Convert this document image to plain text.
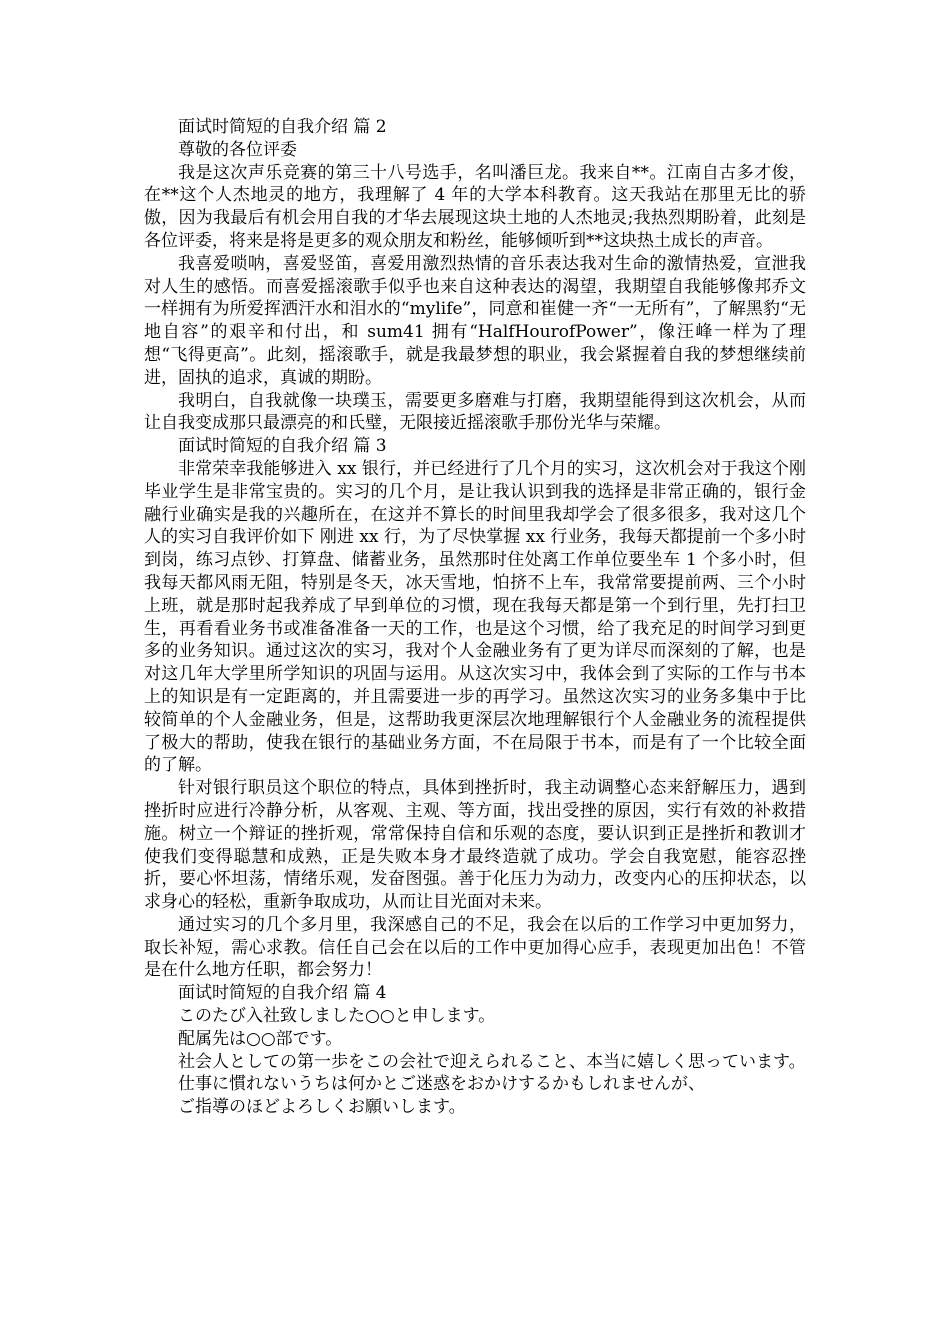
面试时简短的自我介绍 篇 2

尊敬的各位评委

我是这次声乐竞赛的第三十八号选手，名叫潘巨龙。我来自**。江南自古多才俊，在**这个人杰地灵的地方，我理解了 4 年的大学本科教育。这天我站在那里无比的骄傲，因为我最后有机会用自我的才华去展现这块土地的人杰地灵;我热烈期盼着，此刻是各位评委，将来是将是更多的观众朋友和粉丝，能够倾听到**这块热土成长的声音。

我喜爱唢呐，喜爱竖笛，喜爱用激烈热情的音乐表达我对生命的激情热爱，宣泄我对人生的感悟。而喜爱摇滚歌手似乎也来自这种表达的渴望，我期望自我能够像邦乔文一样拥有为所爱挥洒汗水和泪水的“mylife”，同意和崔健一齐“一无所有”，了解黑豹“无地自容”的艰辛和付出，和 sum41 拥有“HalfHourofPower”，像汪峰一样为了理想“飞得更高”。此刻，摇滚歌手，就是我最梦想的职业，我会紧握着自我的梦想继续前进，固执的追求，真诚的期盼。

我明白，自我就像一块璞玉，需要更多磨难与打磨，我期望能得到这次机会，从而让自我变成那只最漂亮的和氏璧，无限接近摇滚歌手那份光华与荣耀。

面试时简短的自我介绍 篇 3

非常荣幸我能够进入 xx 银行，并已经进行了几个月的实习，这次机会对于我这个刚毕业学生是非常宝贵的。实习的几个月，是让我认识到我的选择是非常正确的，银行金融行业确实是我的兴趣所在，在这并不算长的时间里我却学会了很多很多，我对这几个人的实习自我评价如下 刚进 xx 行，为了尽快掌握 xx 行业务，我每天都提前一个多小时到岗，练习点钞、打算盘、储蓄业务，虽然那时住处离工作单位要坐车 1 个多小时，但我每天都风雨无阻，特别是冬天，冰天雪地，怕挤不上车，我常常要提前两、三个小时上班，就是那时起我养成了早到单位的习惯，现在我每天都是第一个到行里，先打扫卫生，再看看业务书或准备准备一天的工作，也是这个习惯，给了我充足的时间学习到更多的业务知识。通过这次的实习，我对个人金融业务有了更为详尽而深刻的了解，也是对这几年大学里所学知识的巩固与运用。从这次实习中，我体会到了实际的工作与书本上的知识是有一定距离的，并且需要进一步的再学习。虽然这次实习的业务多集中于比较简单的个人金融业务，但是，这帮助我更深层次地理解银行个人金融业务的流程提供了极大的帮助，使我在银行的基础业务方面，不在局限于书本，而是有了一个比较全面的了解。

针对银行职员这个职位的特点，具体到挫折时，我主动调整心态来舒解压力，遇到挫折时应进行冷静分析，从客观、主观、等方面，找出受挫的原因，实行有效的补救措施。树立一个辩证的挫折观，常常保持自信和乐观的态度，要认识到正是挫折和教训才使我们变得聪慧和成熟，正是失败本身才最终造就了成功。学会自我宽慰，能容忍挫折，要心怀坦荡，情绪乐观，发奋图强。善于化压力为动力，改变内心的压抑状态，以求身心的轻松，重新争取成功，从而让目光面对未来。

通过实习的几个多月里，我深感自己的不足，我会在以后的工作学习中更加努力，取长补短，需心求教。信任自己会在以后的工作中更加得心应手，表现更加出色！不管是在什么地方任职，都会努力！

面试时简短的自我介绍 篇 4

このたび入社致しました○○と申します。

配属先は○○部です。

社会人としての第一歩をこの会社で迎えられること、本当に嬉しく思っています。

仕事に慣れないうちは何かとご迷惑をおかけするかもしれませんが、

ご指導のほどよろしくお願いします。
